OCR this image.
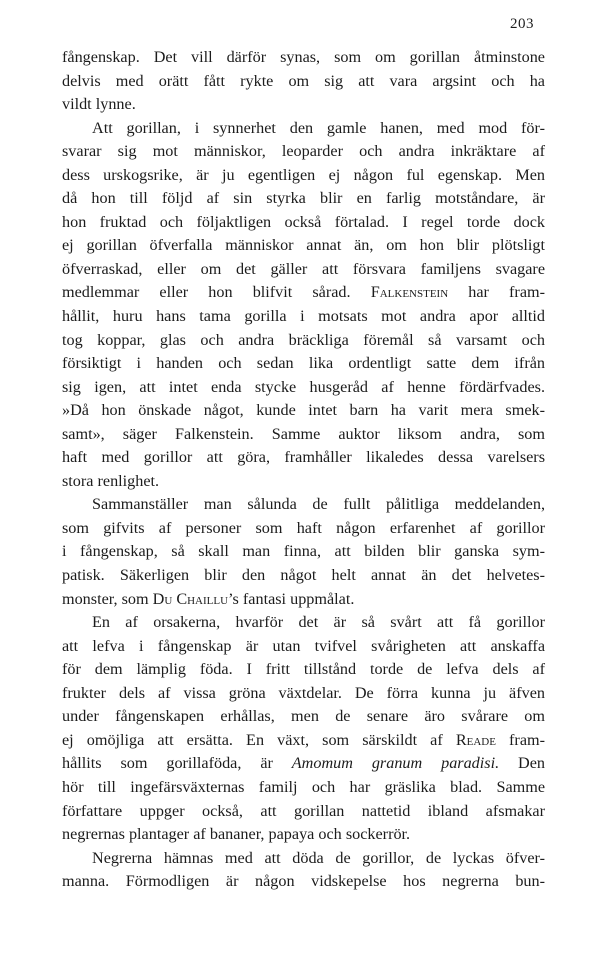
203
fångenskap. Det vill därför synas, som om gorillan åtminstone
delvis med orätt fått rykte om sig att vara argsint och ha
vildt lynne.
Att gorillan, i synnerhet den gamle hanen, med mod för-
svarar sig mot människor, leoparder och andra inkräktare af
dess urskogsrike, är ju egentligen ej någon ful egenskap. Men
då hon till följd af sin styrka blir en farlig motståndare, är
hon fruktad och följaktligen också förtalad. I regel torde dock
ej gorillan öfverfalla människor annat än, om hon blir plötsligt
öfverraskad, eller om det gäller att försvara familjens svagare
medlemmar eller hon blifvit sårad. Falkenstein har fram-
hållit, huru hans tama gorilla i motsats mot andra apor alltid
tog koppar, glas och andra bräckliga föremål så varsamt och
försiktigt i handen och sedan lika ordentligt satte dem ifrån
sig igen, att intet enda stycke husgeråd af henne fördärfvades.
»Då hon önskade något, kunde intet barn ha varit mera smek-
samt», säger Falkenstein. Samme auktor liksom andra, som
haft med gorillor att göra, framhåller likaledes dessa varelsers
stora renlighet.
Sammanställer man sålunda de fullt pålitliga meddelanden,
som gifvits af personer som haft någon erfarenhet af gorillor
i fångenskap, så skall man finna, att bilden blir ganska sym-
patisk. Säkerligen blir den något helt annat än det helvetes-
monster, som Du Chaillu’s fantasi uppmålat.
En af orsakerna, hvarför det är så svårt att få gorillor
att lefva i fångenskap är utan tvifvel svårigheten att anskaffa
för dem lämplig föda. I fritt tillstånd torde de lefva dels af
frukter dels af vissa gröna växtdelar. De förra kunna ju äfven
under fångenskapen erhållas, men de senare äro svårare om
ej omöjliga att ersätta. En växt, som särskildt af Reade fram-
hållits som gorillaföda, är Amomum granum paradisi. Den
hör till ingefärsväxternas familj och har gräslika blad. Samme
författare uppger också, att gorillan nattetid ibland afsmakar
negrernas plantager af bananer, papaya och sockerrör.
Negrerna hämnas med att döda de gorillor, de lyckas öfver-
manna. Förmodligen är någon vidskepelse hos negrerna bun-
